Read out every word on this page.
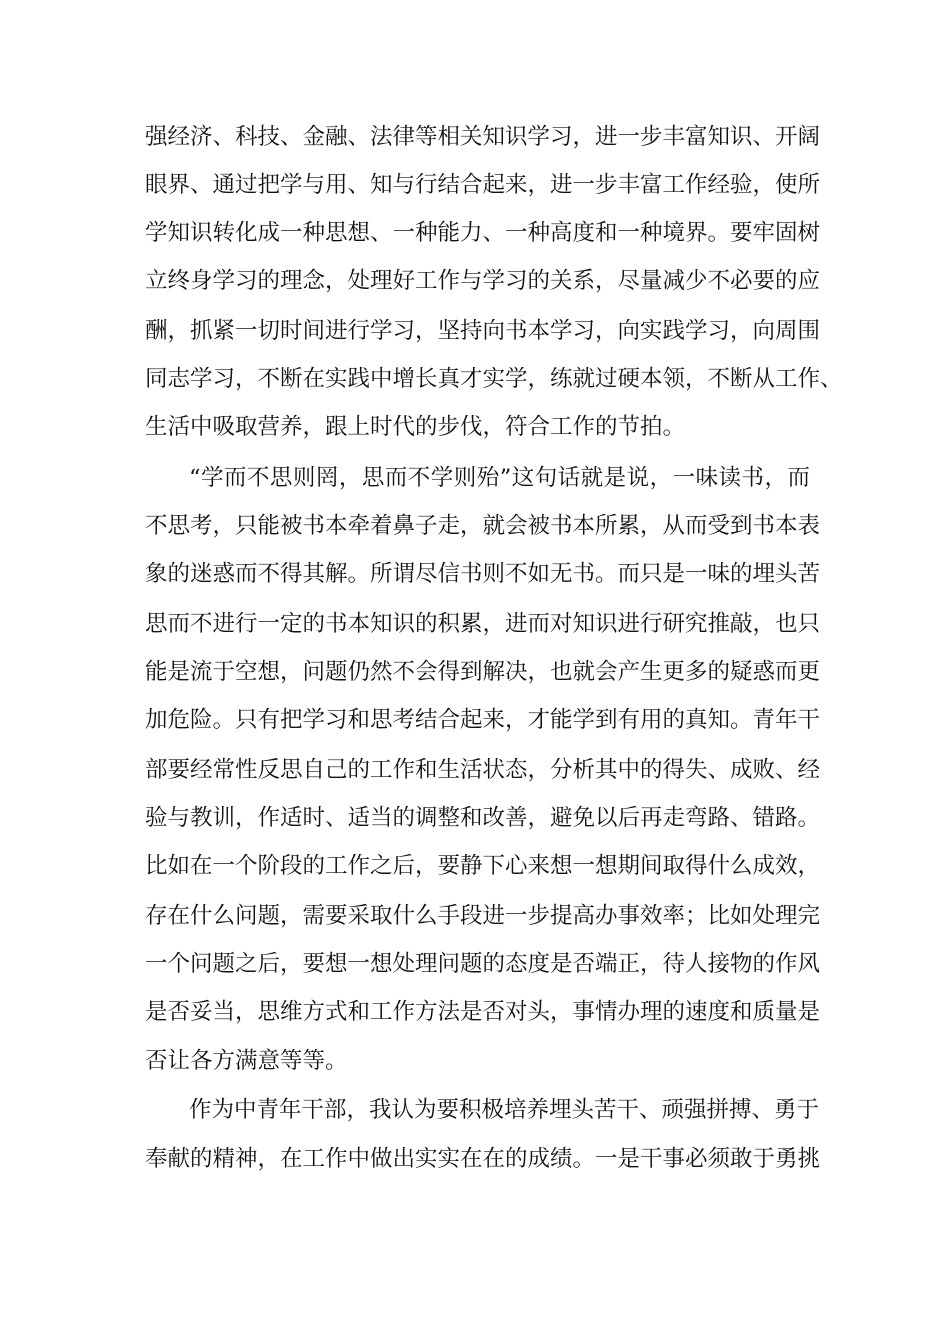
强经济、科技、金融、法律等相关知识学习，进一步丰富知识、开阔
眼界、通过把学与用、知与行结合起来，进一步丰富工作经验，使所
学知识转化成一种思想、一种能力、一种高度和一种境界。要牢固树
立终身学习的理念，处理好工作与学习的关系，尽量减少不必要的应
酬，抓紧一切时间进行学习，坚持向书本学习，向实践学习，向周围
同志学习，不断在实践中增长真才实学，练就过硬本领，不断从工作、
生活中吸取营养，跟上时代的步伐，符合工作的节拍。
“学而不思则罔，思而不学则殆”这句话就是说，一味读书，而
不思考，只能被书本牵着鼻子走，就会被书本所累，从而受到书本表
象的迷惑而不得其解。所谓尽信书则不如无书。而只是一味的埋头苦
思而不进行一定的书本知识的积累，进而对知识进行研究推敲，也只
能是流于空想，问题仍然不会得到解决，也就会产生更多的疑惑而更
加危险。只有把学习和思考结合起来，才能学到有用的真知。青年干
部要经常性反思自己的工作和生活状态，分析其中的得失、成败、经
验与教训，作适时、适当的调整和改善，避免以后再走弯路、错路。
比如在一个阶段的工作之后，要静下心来想一想期间取得什么成效，
存在什么问题，需要采取什么手段进一步提高办事效率；比如处理完
一个问题之后，要想一想处理问题的态度是否端正，待人接物的作风
是否妥当，思维方式和工作方法是否对头，事情办理的速度和质量是
否让各方满意等等。
作为中青年干部，我认为要积极培养埋头苦干、顽强拼搏、勇于
奉献的精神，在工作中做出实实在在的成绩。一是干事必须敢于勇挑
